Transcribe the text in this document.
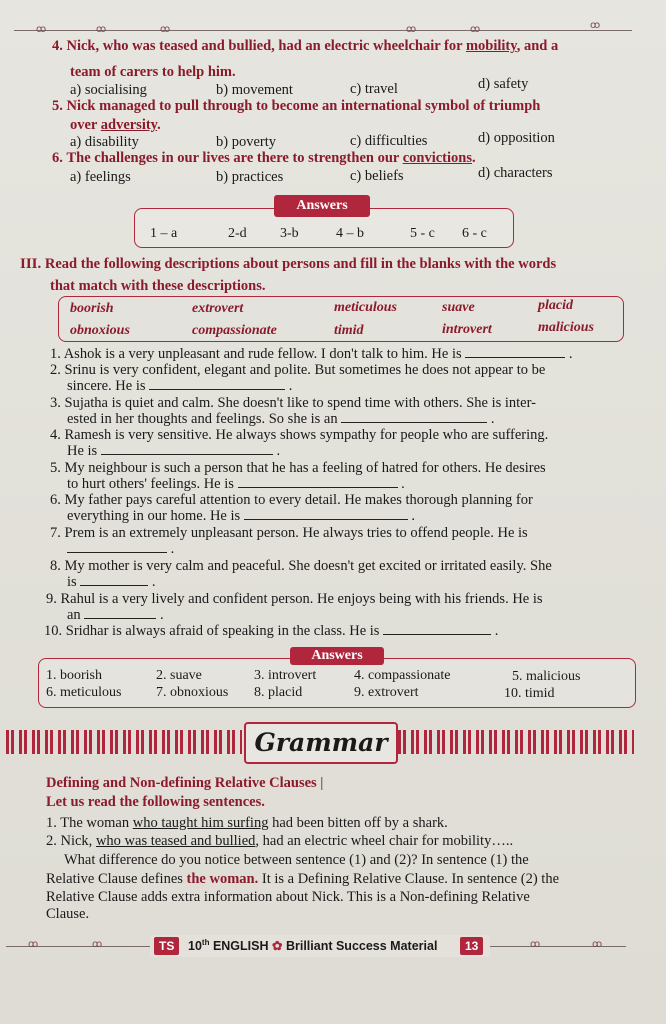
ꝏ	ꝏ	ꝏ	ꝏ	ꝏ	ꝏ
4. Nick, who was teased and bullied, had an electric wheelchair for mobility, and a
team of carers to help him.
a) socialising	b) movement	c) travel	d) safety
5. Nick managed to pull through to become an international symbol of triumph
over adversity.
a) disability	b) poverty	c) difficulties	d) opposition
6. The challenges in our lives are there to strengthen our convictions.
a) feelings	b) practices	c) beliefs	d) characters
Answers
1 – a	2-d 3-b	4 – b	5 - c 6 - c
III. Read the following descriptions about persons and fill in the blanks with the words
that match with these descriptions.
boorish	extrovert	meticulous	suave	placid
obnoxious	compassionate	timid	introvert	malicious
1. Ashok is a very unpleasant and rude fellow. I don't talk to him. He is	.
2. Srinu is very confident, elegant and polite. But sometimes he does not appear to be
sincere. He is	.
3. Sujatha is quiet and calm. She doesn't like to spend time with others. She is inter-
ested in her thoughts and feelings. So she is an	.
4. Ramesh is very sensitive. He always shows sympathy for people who are suffering.
He is	.
5. My neighbour is such a person that he has a feeling of hatred for others. He desires
to hurt others' feelings. He is	.
6. My father pays careful attention to every detail. He makes thorough planning for
everything in our home. He is	.
7. Prem is an extremely unpleasant person. He always tries to offend people. He is
.
8. My mother is very calm and peaceful. She doesn't get excited or irritated easily. She
is	.
9. Rahul is a very lively and confident person. He enjoys being with his friends. He is
an	.
10. Sridhar is always afraid of speaking in the class. He is	.
Answers
1. boorish	2. suave	3. introvert	4. compassionate	5. malicious
6. meticulous 7. obnoxious 8. placid	9. extrovert	10. timid
Grammar
Defining and Non-defining Relative Clauses |
Let us read the following sentences.
1. The woman who taught him surfing had been bitten off by a shark.
2. Nick, who was teased and bullied, had an electric wheel chair for mobility…..
What difference do you notice between sentence (1) and (2)? In sentence (1) the
Relative Clause defines the woman. It is a Defining Relative Clause. In sentence (2) the
Relative Clause adds extra information about Nick. This is a Non-defining Relative
Clause.
ꝏ	ꝏ	ꝏ	ꝏ
TS	10th ENGLISH ✿ Brilliant Success Material	13
